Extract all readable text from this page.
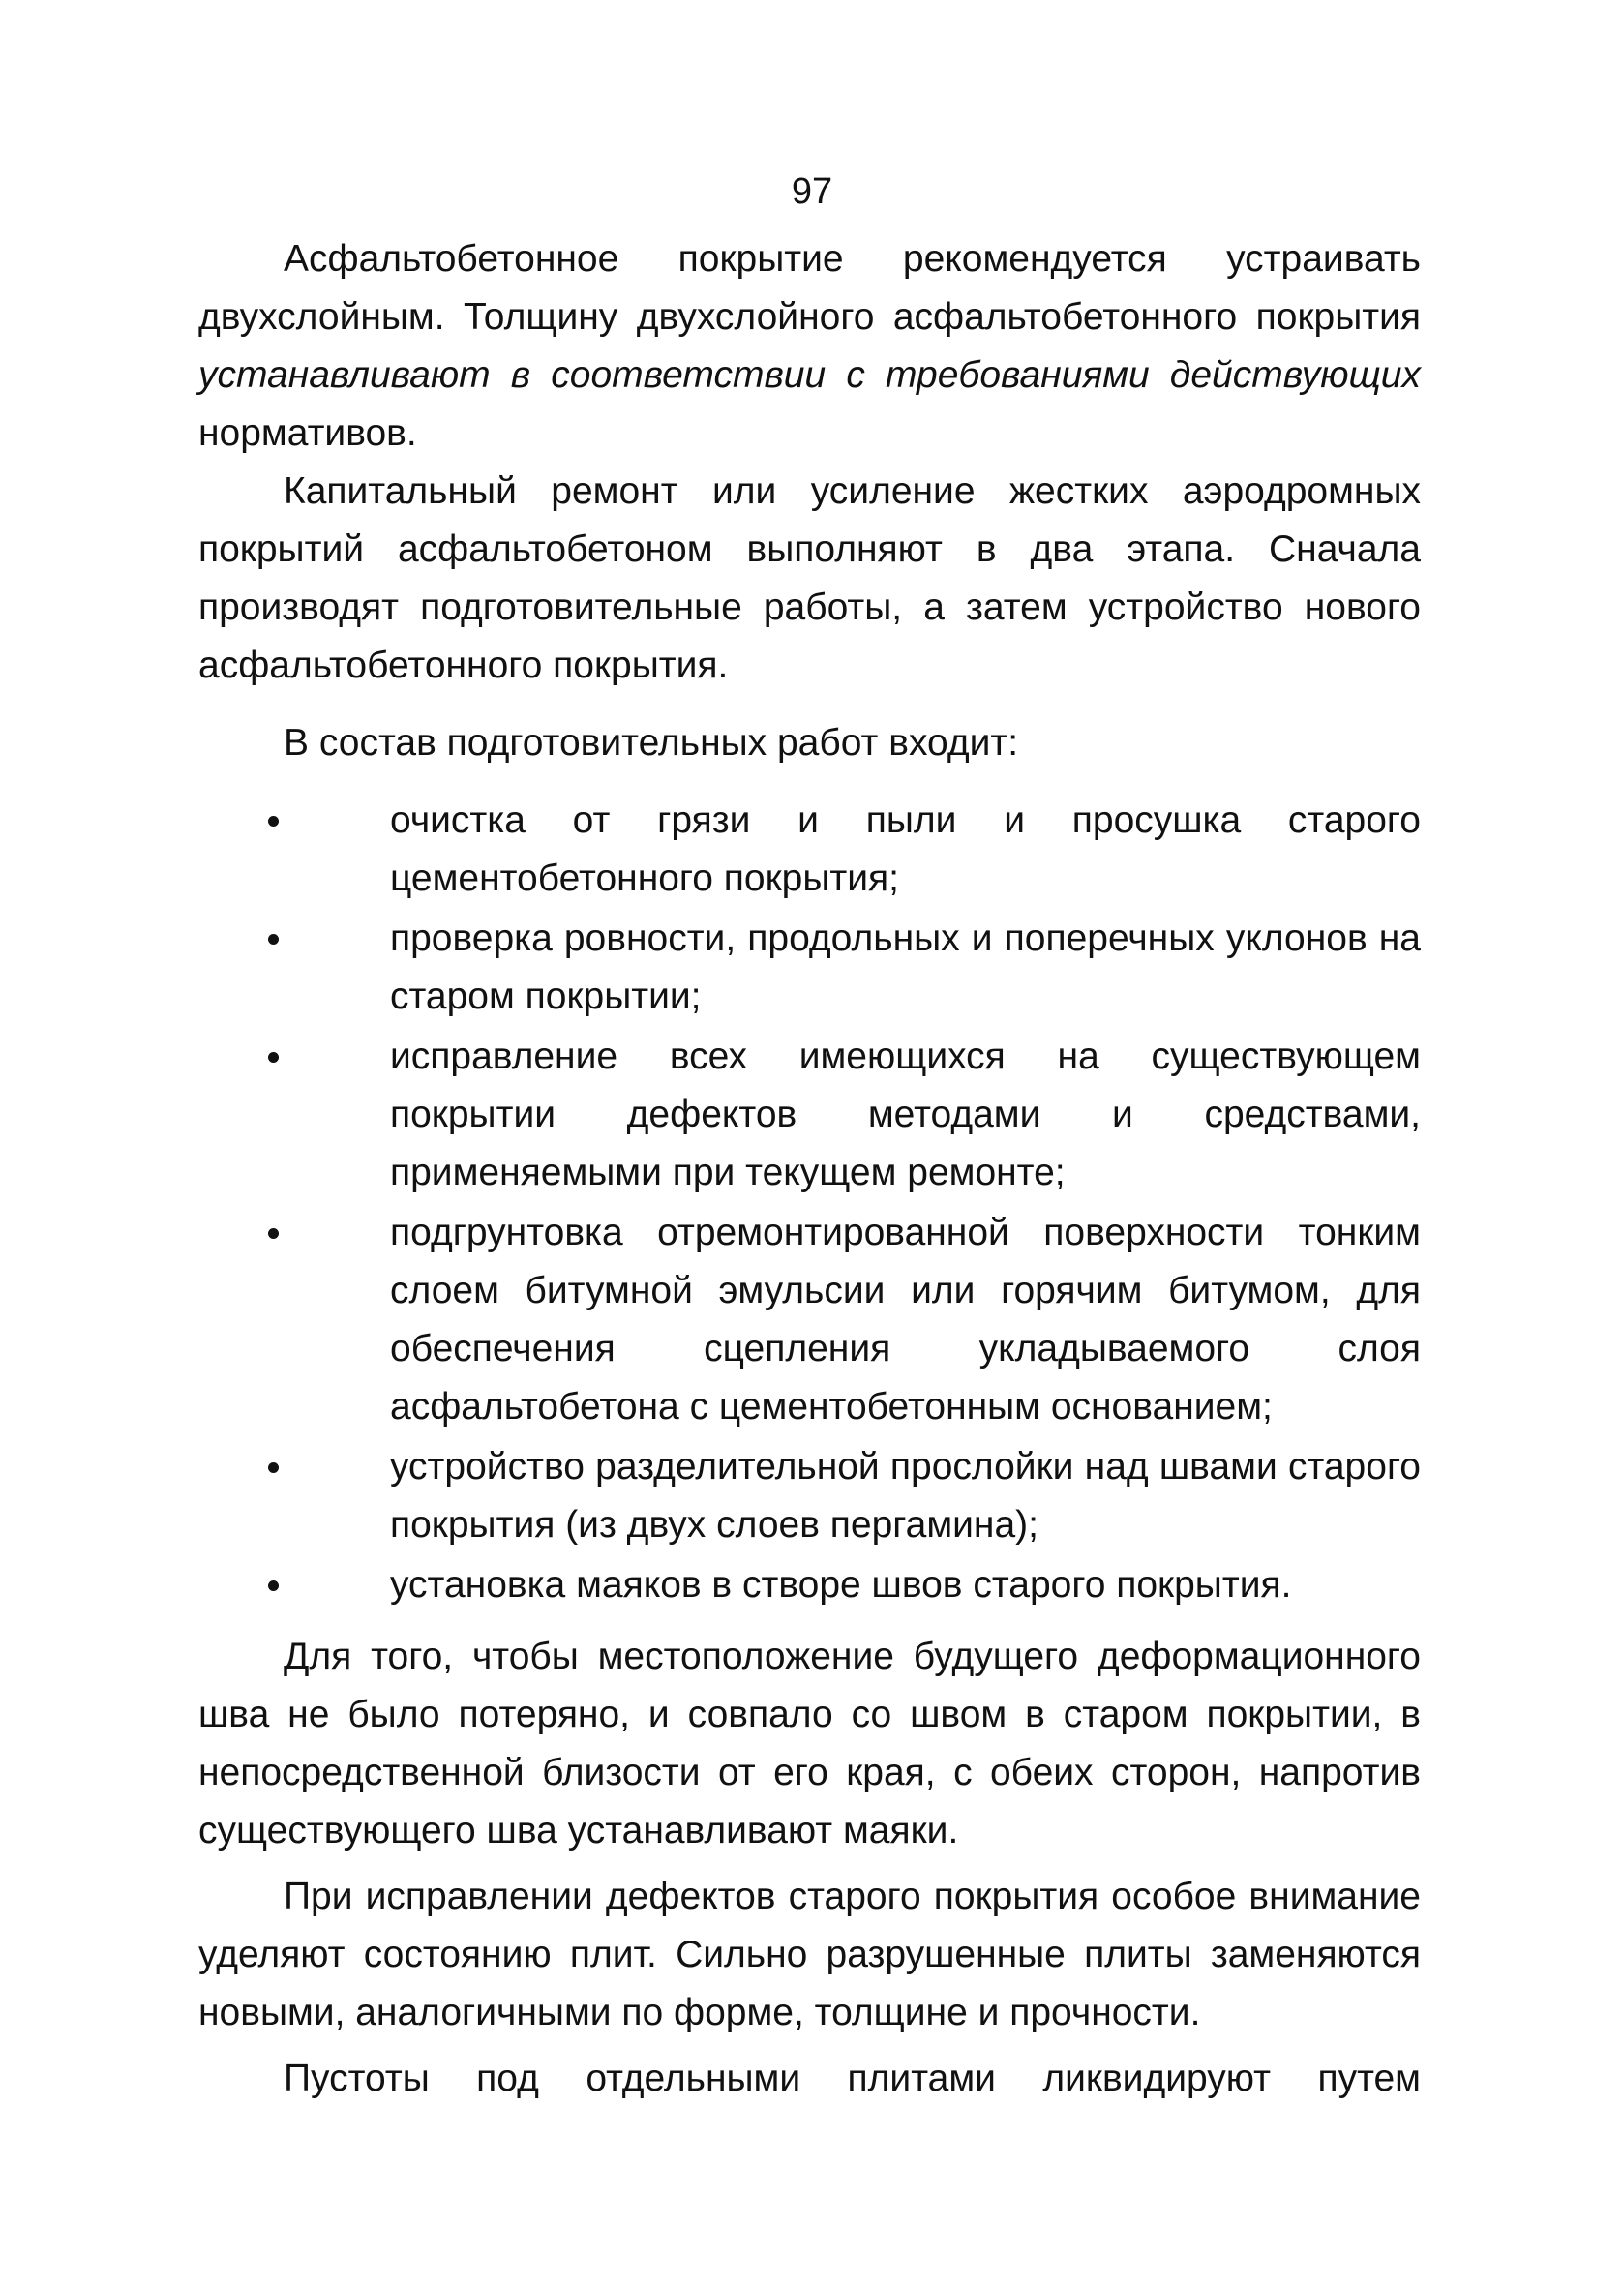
97

Асфальтобетонное покрытие рекомендуется устраивать двухслойным. Толщину двухслойного асфальтобетонного покрытия устанавливают в соответствии с требованиями действующих нормативов.

Капитальный ремонт или усиление жестких аэродромных покрытий асфальтобетоном выполняют в два этапа. Сначала производят подготовительные работы, а затем устройство нового асфальтобетонного покрытия.

В состав подготовительных работ входит:

очистка от грязи и пыли и просушка старого цементобетонного покрытия;
проверка ровности, продольных и поперечных уклонов на старом покрытии;
исправление всех имеющихся на существующем покрытии дефектов методами и средствами, применяемыми при текущем ремонте;
подгрунтовка отремонтированной поверхности тонким слоем битумной эмульсии или горячим битумом, для обеспечения сцепления укладываемого слоя асфальтобетона с цементобетонным основанием;
устройство разделительной прослойки над швами старого покрытия (из двух слоев пергамина);
установка маяков в створе швов старого покрытия.

Для того, чтобы местоположение будущего деформационного шва не было потеряно, и совпало со швом в старом покрытии, в непосредственной близости от его края, с обеих сторон, напротив существующего шва устанавливают маяки.

При исправлении дефектов старого покрытия особое внимание уделяют состоянию плит. Сильно разрушенные плиты заменяются новыми, аналогичными по форме, толщине и прочности.

Пустоты под отдельными плитами ликвидируют путем
